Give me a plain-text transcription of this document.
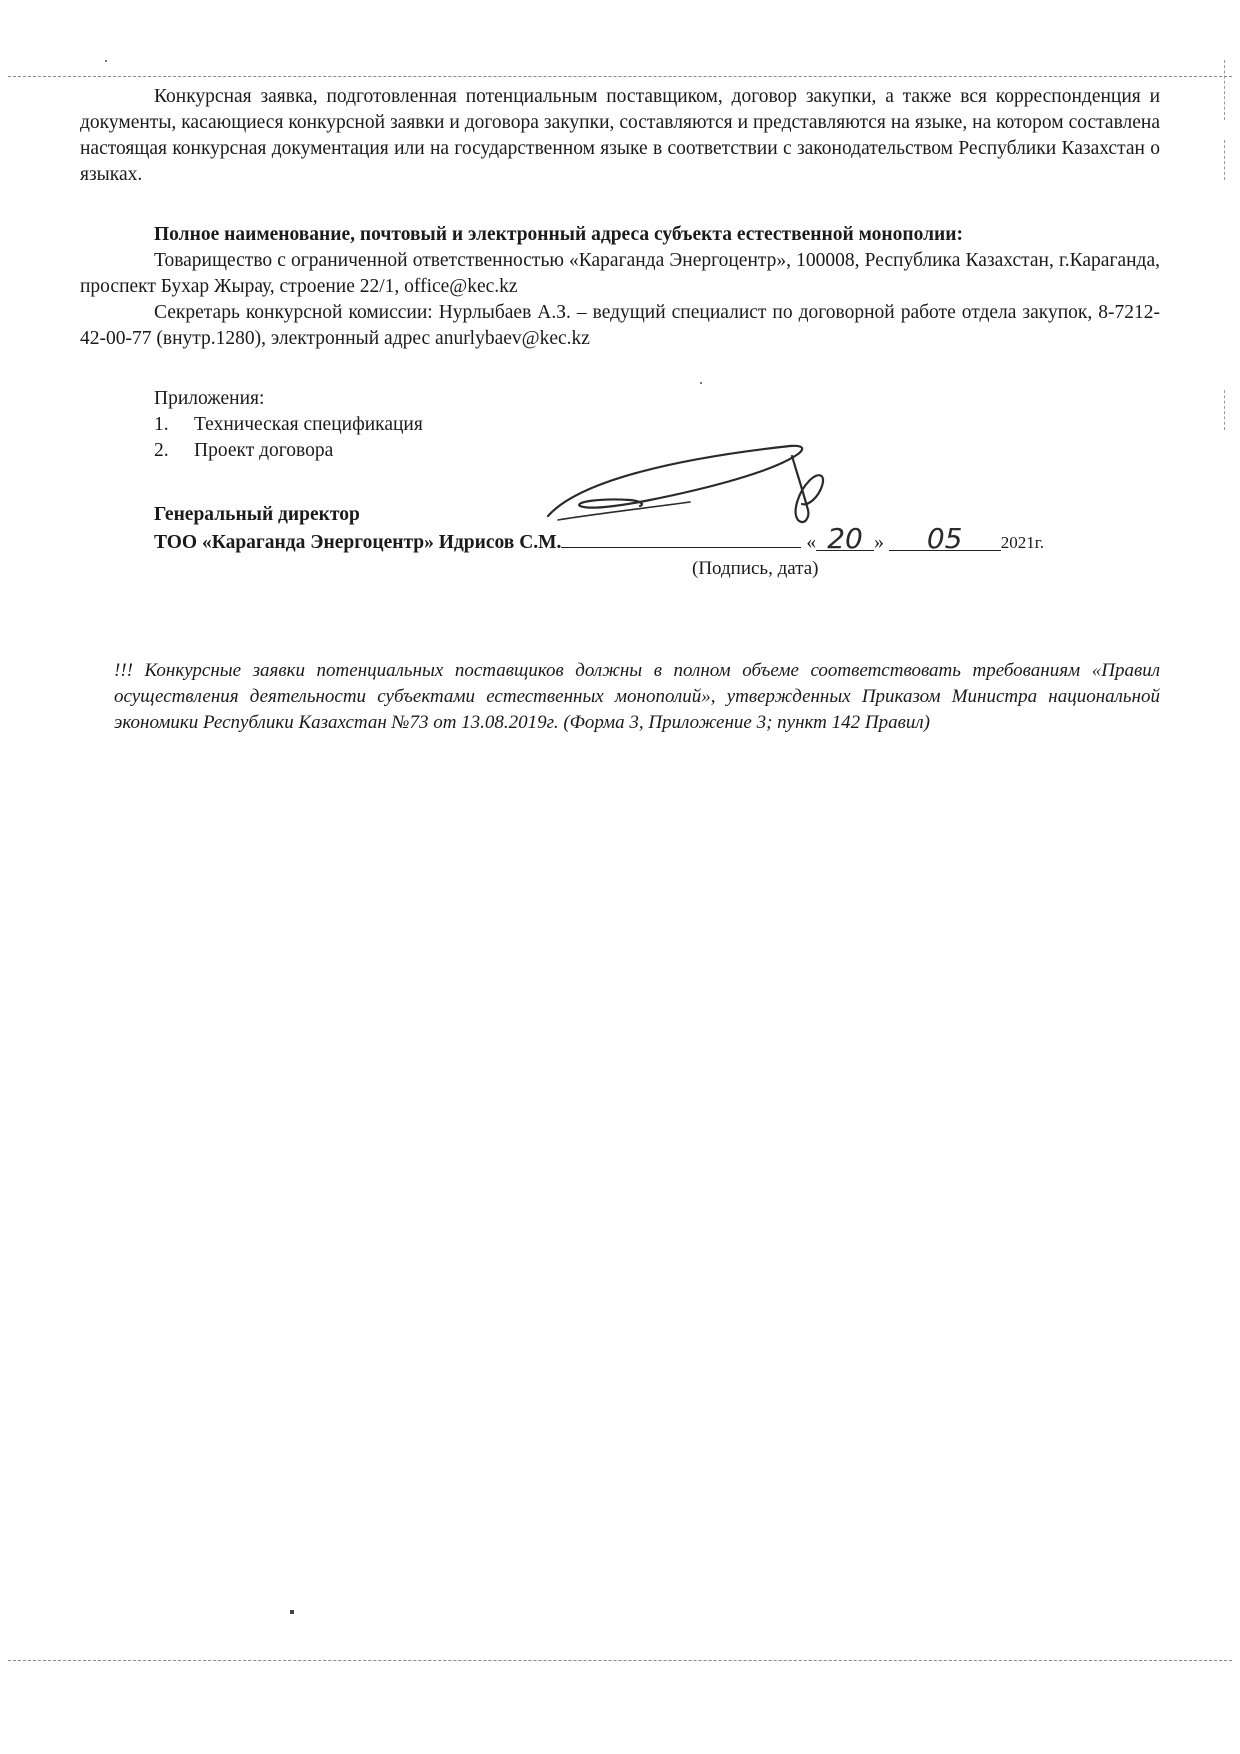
Конкурсная заявка, подготовленная потенциальным поставщиком, договор закупки, а также вся корреспонденция и документы, касающиеся конкурсной заявки и договора закупки, составляются и представляются на языке, на котором составлена настоящая конкурсная документация или на государственном языке в соответствии с законодательством Республики Казахстан о языках.

Полное наименование, почтовый и электронный адреса субъекта естественной монополии:

Товарищество с ограниченной ответственностью «Караганда Энергоцентр», 100008, Республика Казахстан, г.Караганда, проспект Бухар Жырау, строение 22/1, office@kec.kz

Секретарь конкурсной комиссии: Нурлыбаев А.З. – ведущий специалист по договорной работе отдела закупок, 8-7212-42-00-77 (внутр.1280), электронный адрес anurlybaev@kec.kz

Приложения:

1. Техническая спецификация
2. Проект договора
Генеральный директор
ТОО «Караганда Энергоцентр» Идрисов С.М.	« 20 » 05 2021г.
(Подпись, дата)
!!! Конкурсные заявки потенциальных поставщиков должны в полном объеме соответствовать требованиям «Правил осуществления деятельности субъектами естественных монополий», утвержденных Приказом Министра национальной экономики Республики Казахстан №73 от 13.08.2019г. (Форма 3, Приложение 3; пункт 142 Правил)
